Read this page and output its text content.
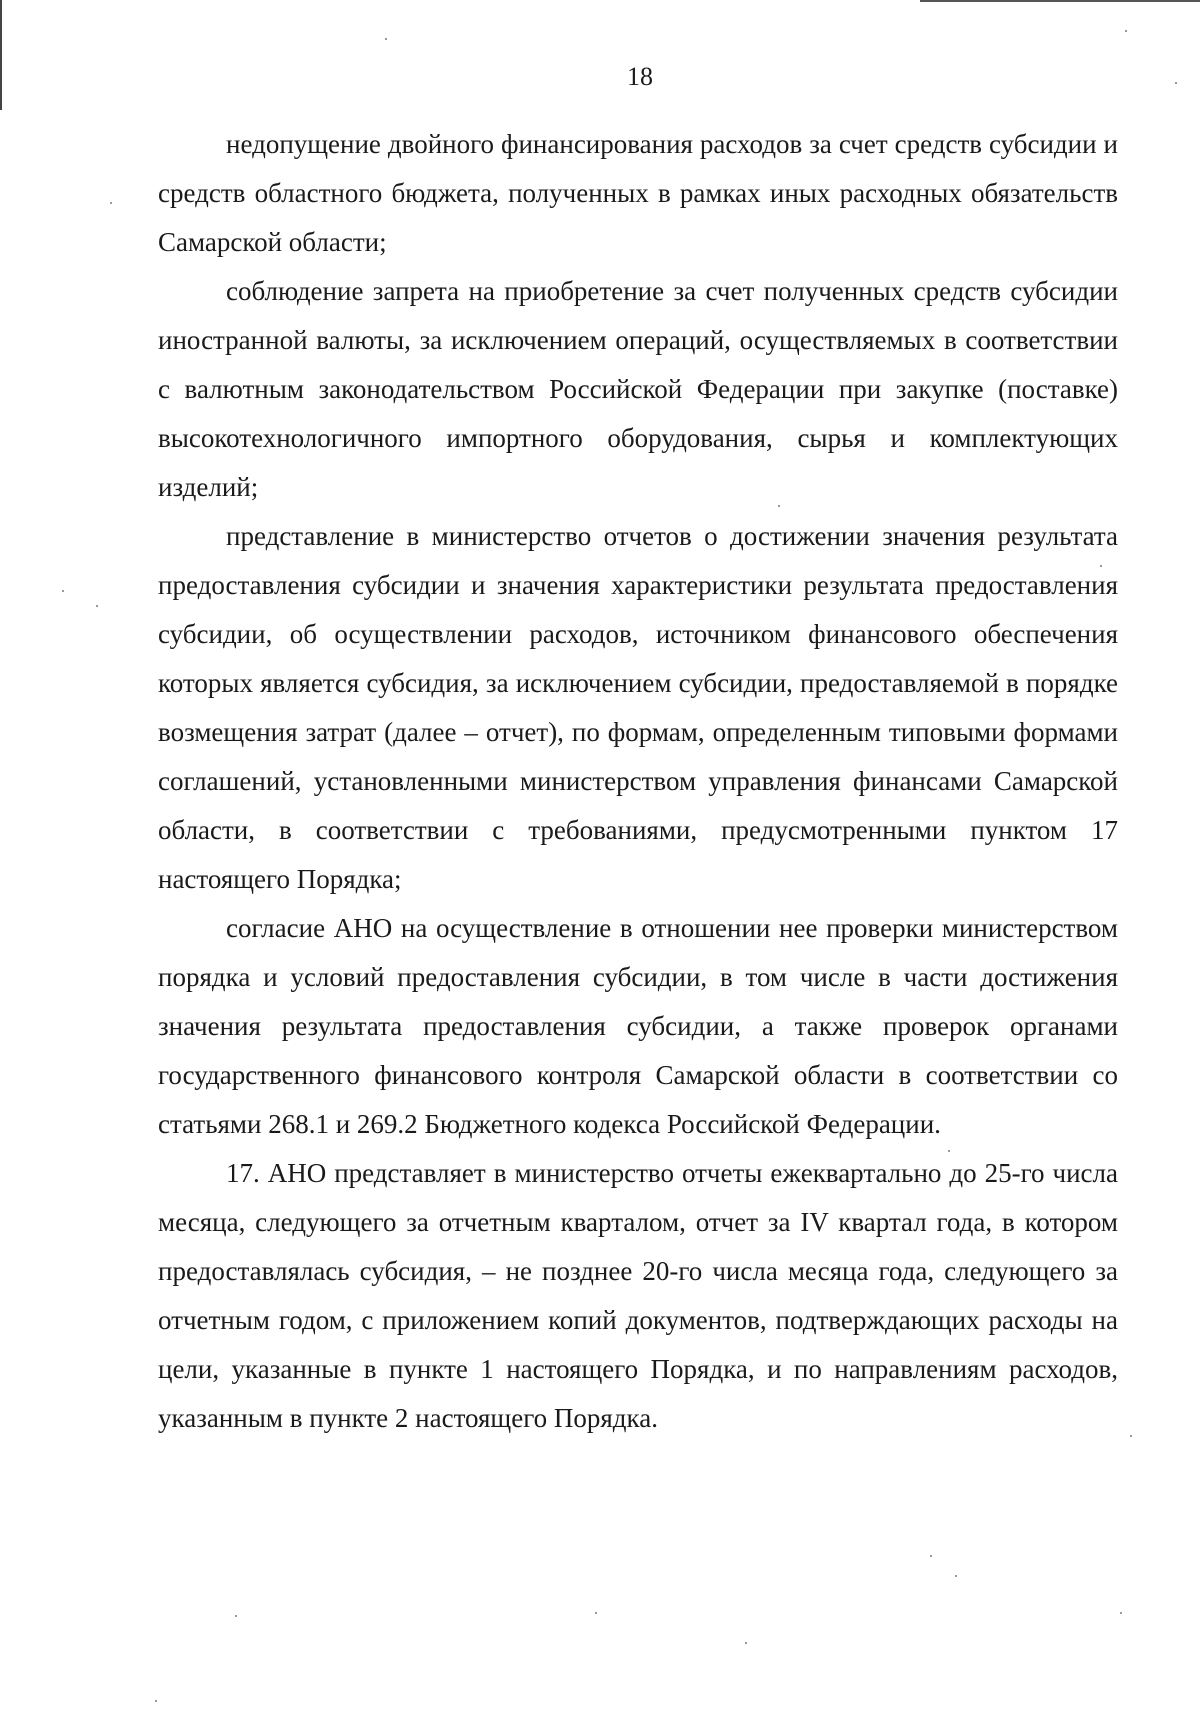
18

недопущение двойного финансирования расходов за счет средств субсидии и средств областного бюджета, полученных в рамках иных расходных обязательств Самарской области;

соблюдение запрета на приобретение за счет полученных средств субсидии иностранной валюты, за исключением операций, осуществляемых в соответствии с валютным законодательством Российской Федерации при закупке (поставке) высокотехнологичного импортного оборудования, сырья и комплектующих изделий;

представление в министерство отчетов о достижении значения результата предоставления субсидии и значения характеристики результата предоставления субсидии, об осуществлении расходов, источником финансового обеспечения которых является субсидия, за исключением субсидии, предоставляемой в порядке возмещения затрат (далее – отчет), по формам, определенным типовыми формами соглашений, установленными министерством управления финансами Самарской области, в соответствии с требованиями, предусмотренными пунктом 17 настоящего Порядка;

согласие АНО на осуществление в отношении нее проверки министерством порядка и условий предоставления субсидии, в том числе в части достижения значения результата предоставления субсидии, а также проверок органами государственного финансового контроля Самарской области в соответствии со статьями 268.1 и 269.2 Бюджетного кодекса Российской Федерации.

17. АНО представляет в министерство отчеты ежеквартально до 25-го числа месяца, следующего за отчетным кварталом, отчет за IV квартал года, в котором предоставлялась субсидия, – не позднее 20-го числа месяца года, следующего за отчетным годом, с приложением копий документов, подтверждающих расходы на цели, указанные в пункте 1 настоящего Порядка, и по направлениям расходов, указанным в пункте 2 настоящего Порядка.
